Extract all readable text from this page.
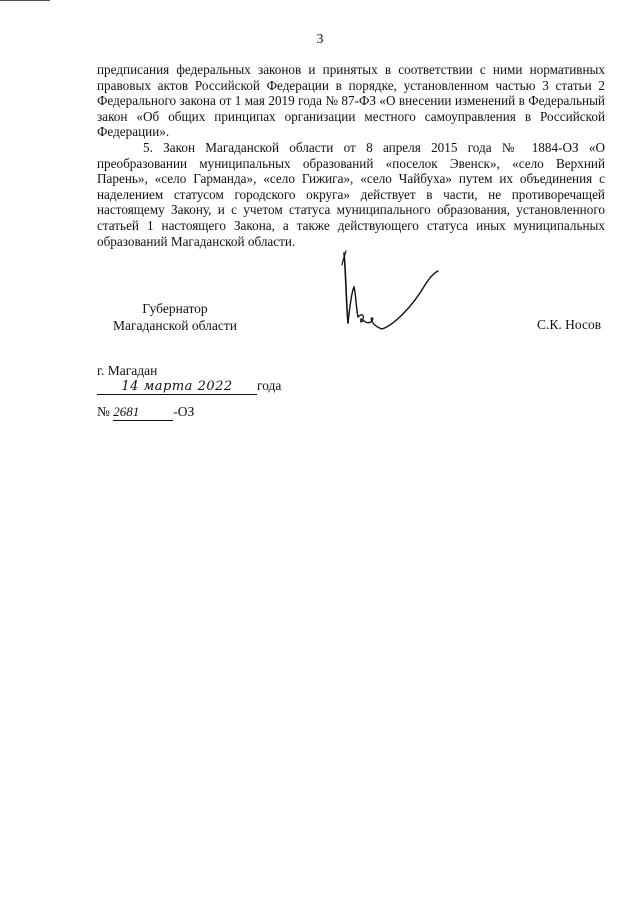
3

предписания федеральных законов и принятых в соответствии с ними нормативных правовых актов Российской Федерации в порядке, установленном частью 3 статьи 2 Федерального закона от 1 мая 2019 года № 87-ФЗ «О внесении изменений в Федеральный закон «Об общих принципах организации местного самоуправления в Российской Федерации».

5. Закон Магаданской области от 8 апреля 2015 года № 1884-ОЗ «О преобразовании муниципальных образований «поселок Эвенск», «село Верхний Парень», «село Гарманда», «село Гижига», «село Чайбуха» путем их объединения с наделением статусом городского округа» действует в части, не противоречащей настоящему Закону, и с учетом статуса муниципального образования, установленного статьей 1 настоящего Закона, а также действующего статуса иных муниципальных образований Магаданской области.

Губернатор
Магаданской области	С.К. Носов
г. Магадан
14 марта 2022 года
№ 2681	-ОЗ
